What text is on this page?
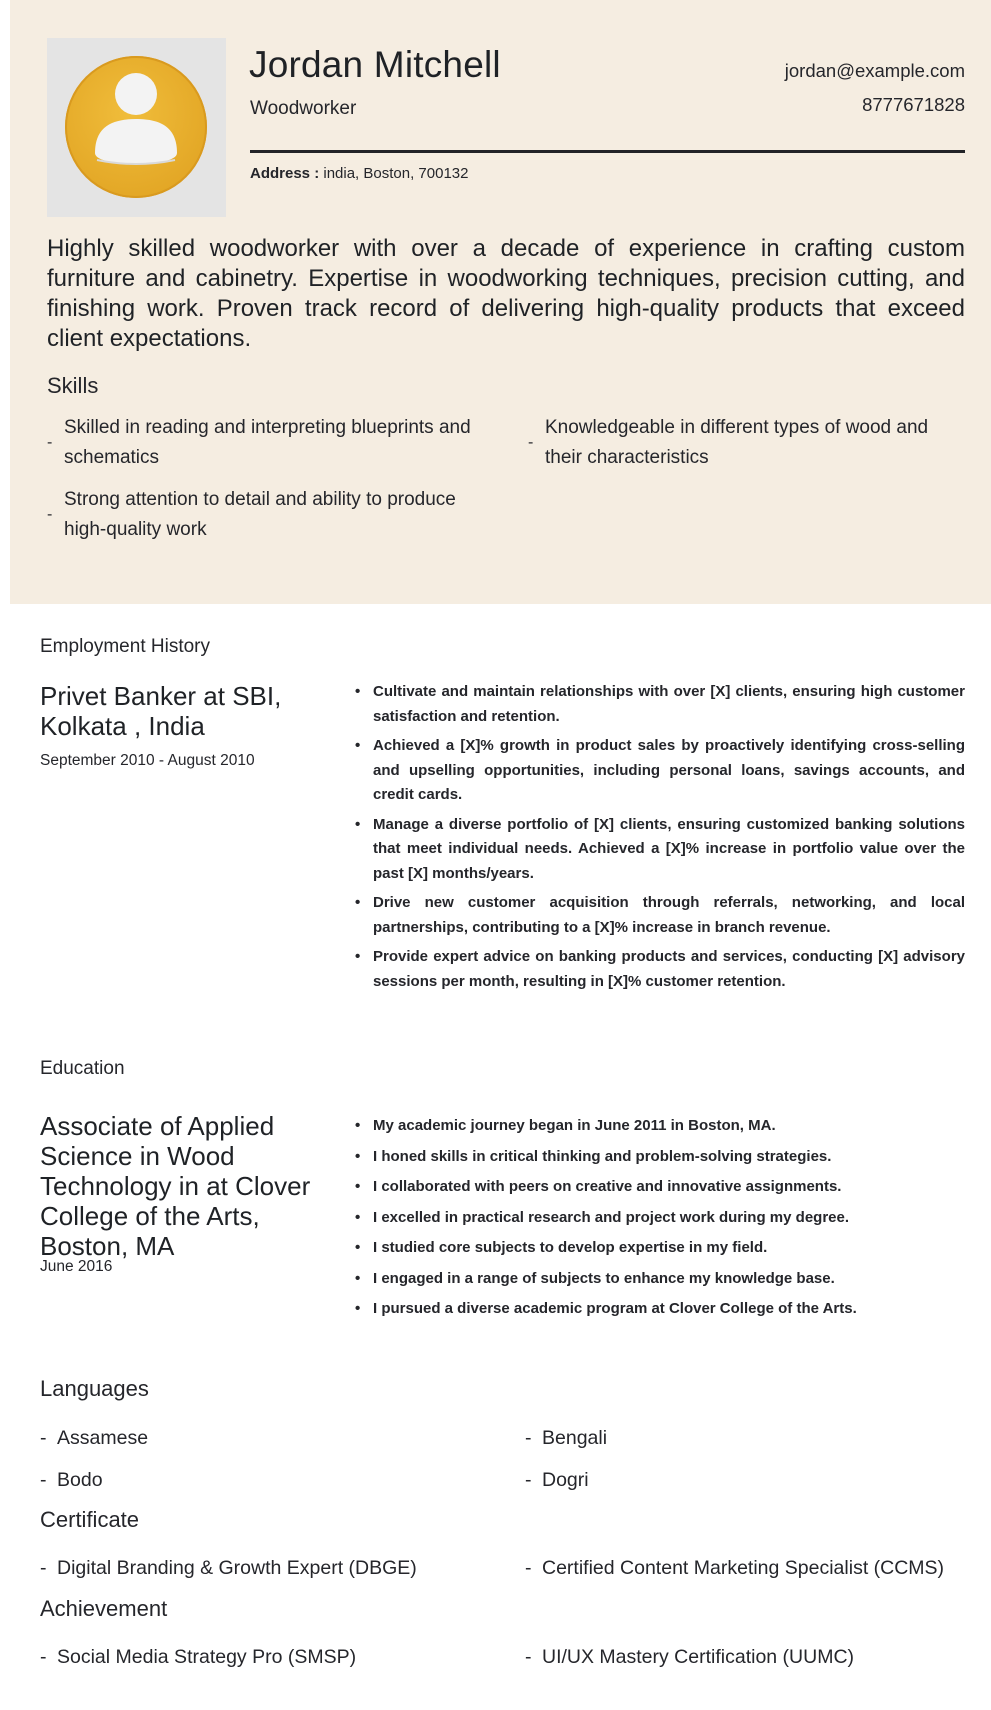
Jordan Mitchell
Woodworker
jordan@example.com
8777671828
Address : india, Boston, 700132

Highly skilled woodworker with over a decade of experience in crafting custom furniture and cabinetry. Expertise in woodworking techniques, precision cutting, and finishing work. Proven track record of delivering high-quality products that exceed client expectations.

Skills
-
Skilled in reading and interpreting blueprints and schematics
-
Knowledgeable in different types of wood and their characteristics
-
Strong attention to detail and ability to produce high-quality work
Employment History
Privet Banker at SBI, Kolkata , India
September 2010 - August 2010
• Cultivate and maintain relationships with over [X] clients, ensuring high customer satisfaction and retention.
• Achieved a [X]% growth in product sales by proactively identifying cross-selling and upselling opportunities, including personal loans, savings accounts, and credit cards.
• Manage a diverse portfolio of [X] clients, ensuring customized banking solutions that meet individual needs. Achieved a [X]% increase in portfolio value over the past [X] months/years.
• Drive new customer acquisition through referrals, networking, and local partnerships, contributing to a [X]% increase in branch revenue.
• Provide expert advice on banking products and services, conducting [X] advisory sessions per month, resulting in [X]% customer retention.
Education
Associate of Applied Science in Wood Technology in at Clover College of the Arts, Boston, MA
June 2016
• My academic journey began in June 2011 in Boston, MA.
• I honed skills in critical thinking and problem-solving strategies.
• I collaborated with peers on creative and innovative assignments.
• I excelled in practical research and project work during my degree.
• I studied core subjects to develop expertise in my field.
• I engaged in a range of subjects to enhance my knowledge base.
• I pursued a diverse academic program at Clover College of the Arts.
Languages
- Assamese	- Bengali
- Bodo	- Dogri
Certificate
- Digital Branding & Growth Expert (DBGE)	- Certified Content Marketing Specialist (CCMS)
Achievement
- Social Media Strategy Pro (SMSP)	- UI/UX Mastery Certification (UUMC)
